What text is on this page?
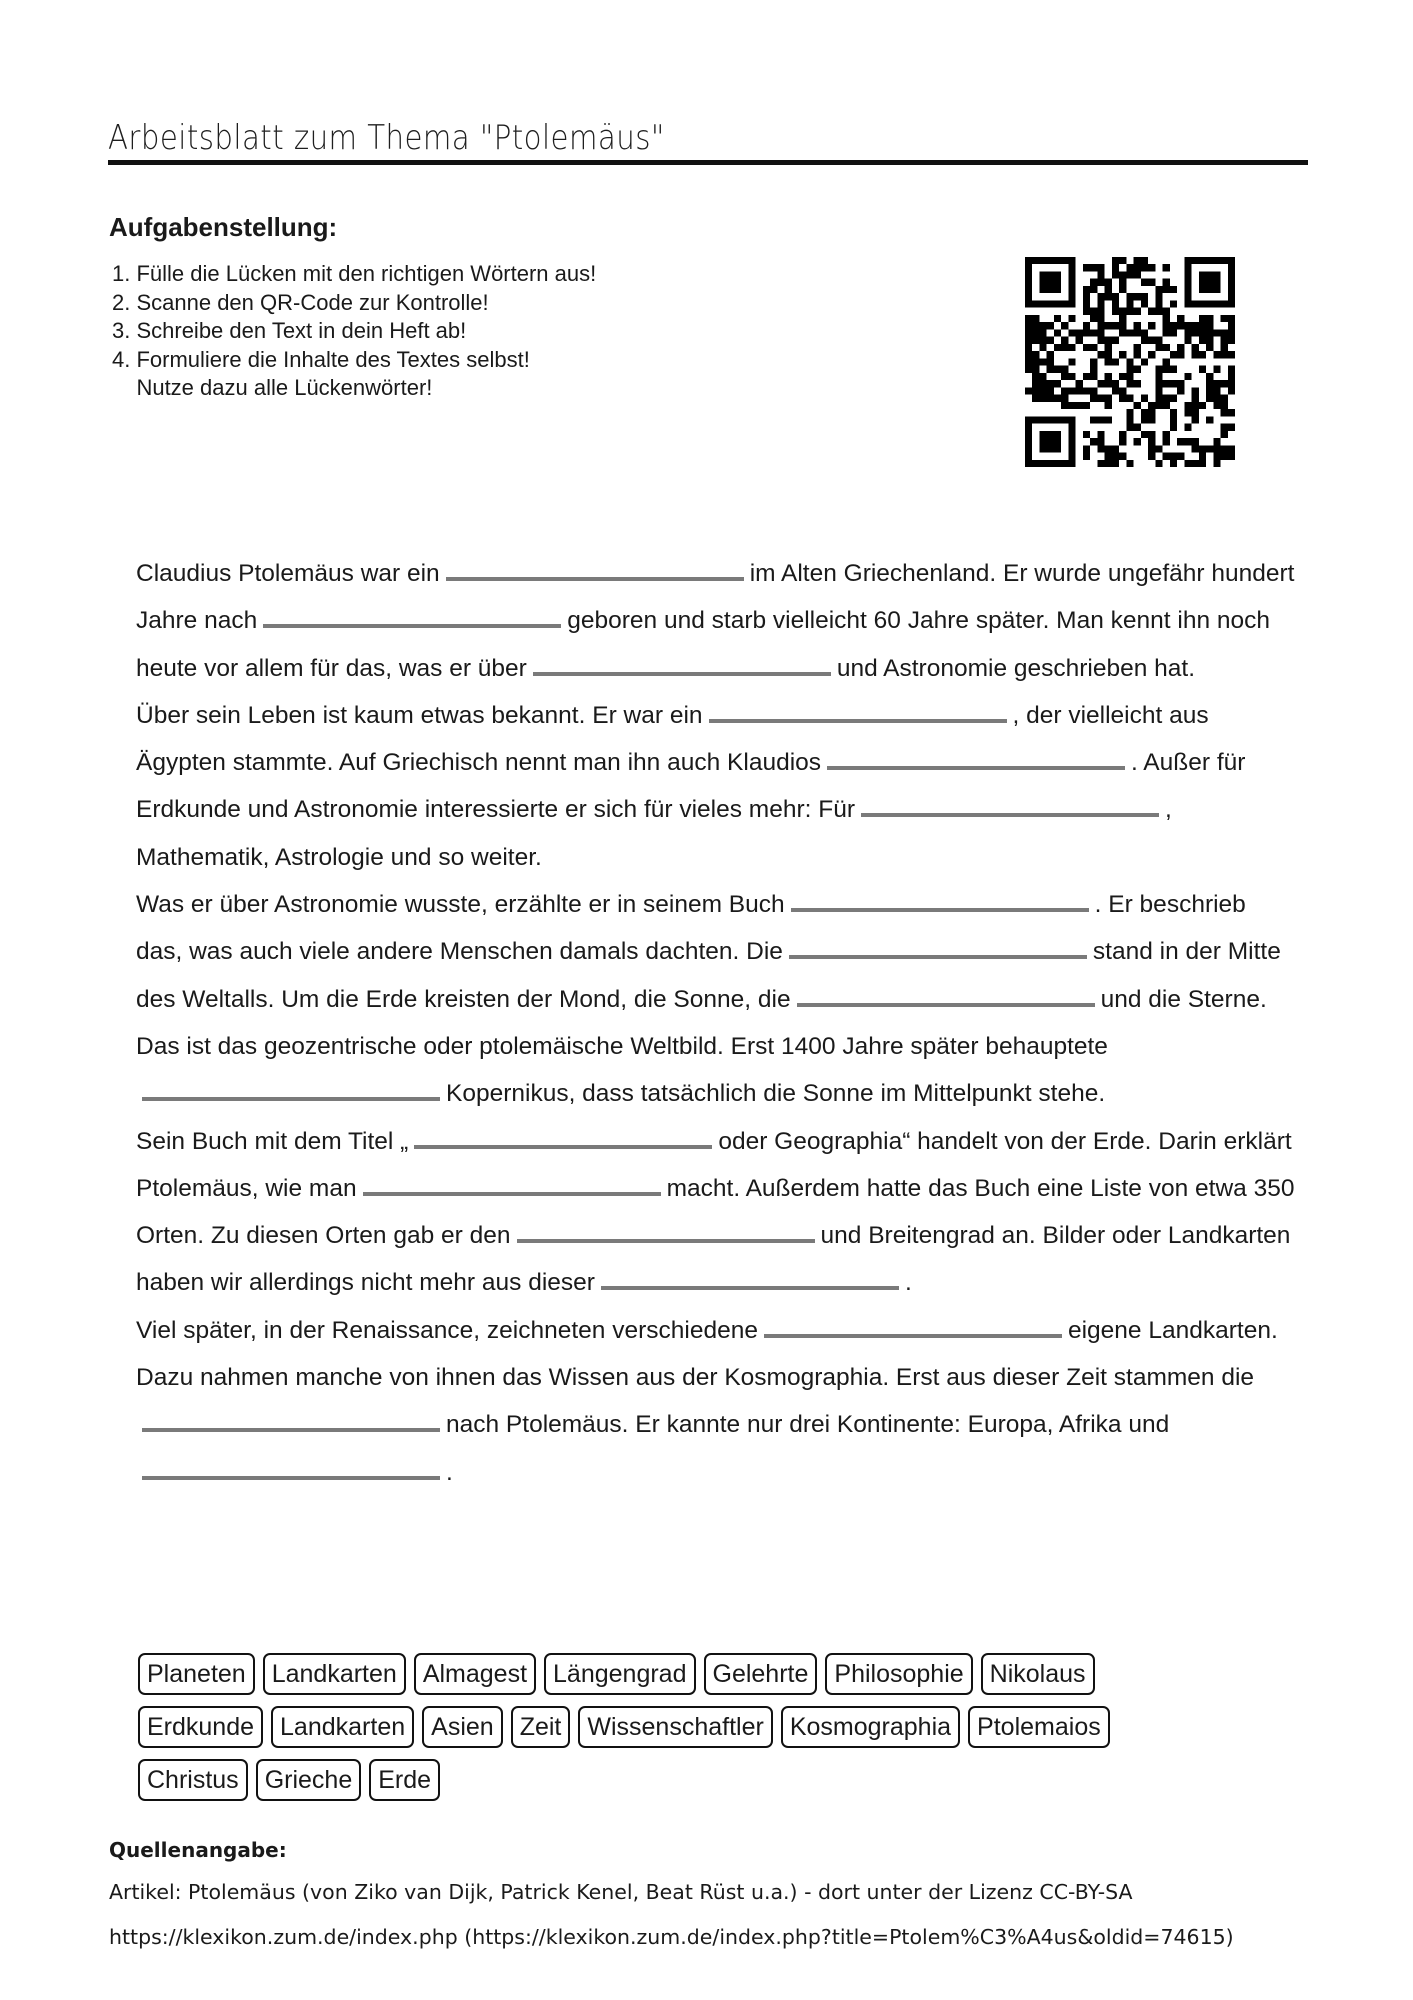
Arbeitsblatt zum Thema "Ptolemäus"
Aufgabenstellung:
1. Fülle die Lücken mit den richtigen Wörtern aus!
2. Scanne den QR-Code zur Kontrolle!
3. Schreibe den Text in dein Heft ab!
4. Formuliere die Inhalte des Textes selbst!
Nutze dazu alle Lückenwörter!

Claudius Ptolemäus war ein	im Alten Griechenland. Er wurde ungefähr hundert Jahre nach	geboren und starb vielleicht 60 Jahre später. Man kennt ihn noch heute vor allem für das, was er über	und Astronomie geschrieben hat.

Über sein Leben ist kaum etwas bekannt. Er war ein	, der vielleicht aus Ägypten stammte. Auf Griechisch nennt man ihn auch Klaudios	. Außer für Erdkunde und Astronomie interessierte er sich für vieles mehr: Für	, Mathematik, Astrologie und so weiter.

Was er über Astronomie wusste, erzählte er in seinem Buch	. Er beschrieb das, was auch viele andere Menschen damals dachten. Die	stand in der Mitte des Weltalls. Um die Erde kreisten der Mond, die Sonne, die	und die Sterne. Das ist das geozentrische oder ptolemäische Weltbild. Erst 1400 Jahre später behaupteteKopernikus, dass tatsächlich die Sonne im Mittelpunkt stehe.

Sein Buch mit dem Titel „	oder Geographia“ handelt von der Erde. Darin erklärt Ptolemäus, wie man	macht. Außerdem hatte das Buch eine Liste von etwa 350 Orten. Zu diesen Orten gab er den	und Breitengrad an. Bilder oder Landkarten haben wir allerdings nicht mehr aus dieser	.

Viel später, in der Renaissance, zeichneten verschiedene	eigene Landkarten. Dazu nahmen manche von ihnen das Wissen aus der Kosmographia. Erst aus dieser Zeit stammen dienach Ptolemäus. Er kannte nur drei Kontinente: Europa, Afrika und.

Planeten	Landkarten	Almagest	Längengrad	Gelehrte	Philosophie	Nikolaus
Erdkunde	Landkarten	Asien	Zeit	Wissenschaftler	Kosmographia	Ptolemaios
Christus	Grieche	Erde
Quellenangabe:
Artikel: Ptolemäus (von Ziko van Dijk, Patrick Kenel, Beat Rüst u.a.) - dort unter der Lizenz CC-BY-SA
https://klexikon.zum.de/index.php (https://klexikon.zum.de/index.php?title=Ptolem%C3%A4us&oldid=74615)
